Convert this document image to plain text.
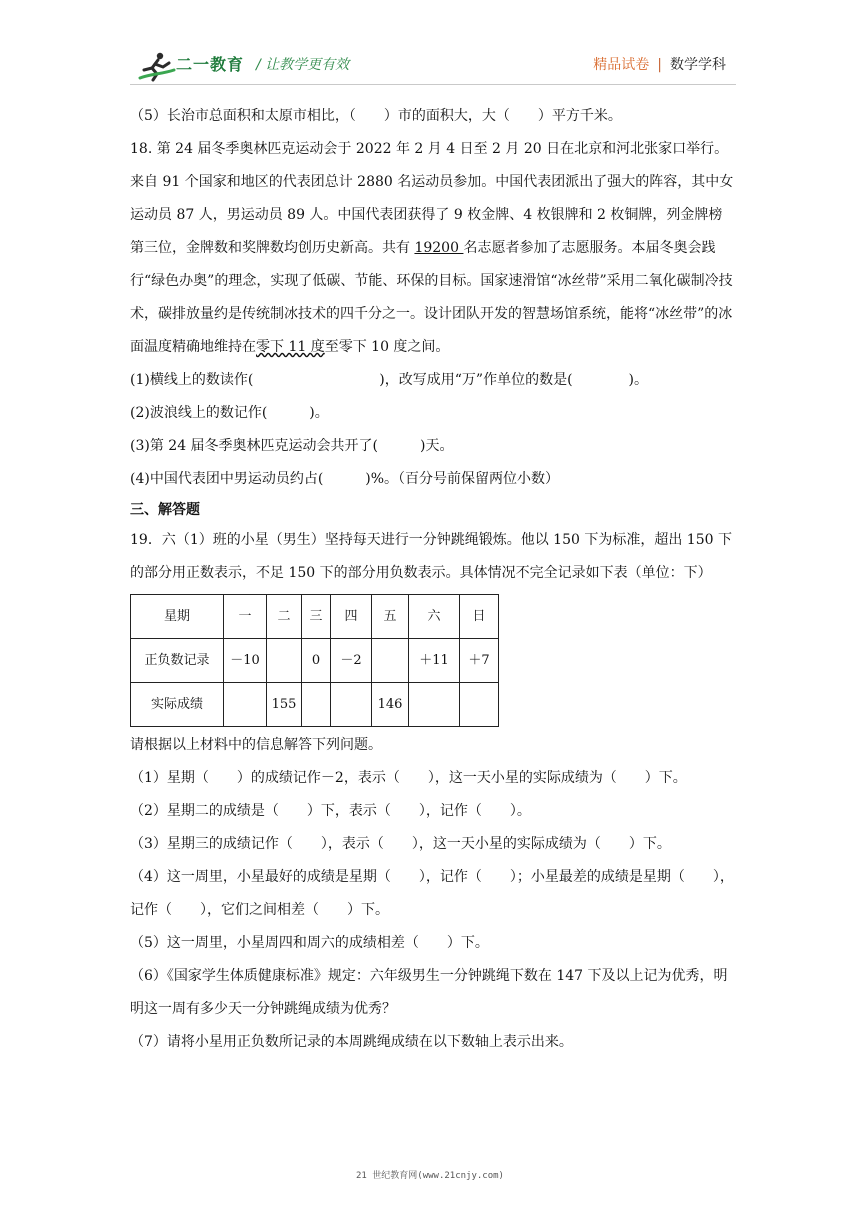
二一教育 / 让教学更有效	精品试卷 | 数学学科

（5）长治市总面积和太原市相比，（　　）市的面积大，大（　　）平方千米。

18. 第 24 届冬季奥林匹克运动会于 2022 年 2 月 4 日至 2 月 20 日在北京和河北张家口举行。来自 91 个国家和地区的代表团总计 2880 名运动员参加。中国代表团派出了强大的阵容，其中女运动员 87 人，男运动员 89 人。中国代表团获得了 9 枚金牌、4 枚银牌和 2 枚铜牌，列金牌榜第三位，金牌数和奖牌数均创历史新高。共有 19200 名志愿者参加了志愿服务。本届冬奥会践行“绿色办奥”的理念，实现了低碳、节能、环保的目标。国家速滑馆“冰丝带”采用二氧化碳制冷技术，碳排放量约是传统制冰技术的四千分之一。设计团队开发的智慧场馆系统，能将“冰丝带”的冰面温度精确地维持在零下 11 度至零下 10 度之间。

(1)横线上的数读作(　　　　　　　　　)，改写成用“万”作单位的数是(　　　　)。

(2)波浪线上的数记作(　　　)。

(3)第 24 届冬季奥林匹克运动会共开了(　　　)天。

(4)中国代表团中男运动员约占(　　　)%。（百分号前保留两位小数）

三、解答题

19．六（1）班的小星（男生）坚持每天进行一分钟跳绳锻炼。他以 150 下为标准，超出 150 下的部分用正数表示，不足 150 下的部分用负数表示。具体情况不完全记录如下表（单位：下）

星期	一	二	三	四	五	六	日
正负数记录	－10		0	－2		＋11	＋7
实际成绩		155			146		

请根据以上材料中的信息解答下列问题。

（1）星期（　　）的成绩记作－2，表示（　　），这一天小星的实际成绩为（　　）下。

（2）星期二的成绩是（　　）下，表示（　　），记作（　　）。

（3）星期三的成绩记作（　　），表示（　　），这一天小星的实际成绩为（　　）下。

（4）这一周里，小星最好的成绩是星期（　　），记作（　　）；小星最差的成绩是星期（　　），记作（　　），它们之间相差（　　）下。

（5）这一周里，小星周四和周六的成绩相差（　　）下。

（6）《国家学生体质健康标准》规定：六年级男生一分钟跳绳下数在 147 下及以上记为优秀，明明这一周有多少天一分钟跳绳成绩为优秀？

（7）请将小星用正负数所记录的本周跳绳成绩在以下数轴上表示出来。

21 世纪教育网(www.21cnjy.com)
